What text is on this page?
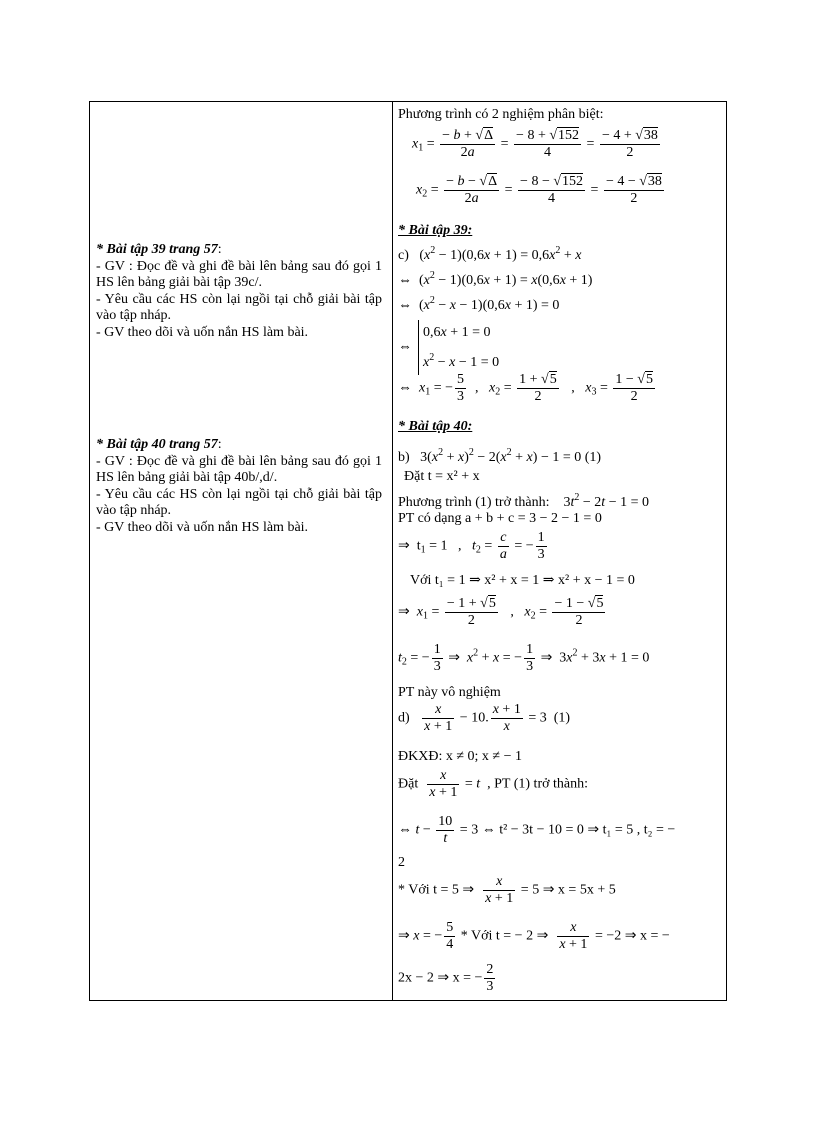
* Bài tập 39 trang 57:
- GV : Đọc đề và ghi đề bài lên bảng sau đó gọi 1 HS lên bảng giải bài tập 39c/.
- Yêu cầu các HS còn lại ngồi tại chỗ giải bài tập vào tập nháp.
- GV theo dõi và uốn nắn HS làm bài.
* Bài tập 40 trang 57:
- GV : Đọc đề và ghi đề bài lên bảng sau đó gọi 1 HS lên bảng giải bài tập 40b/,d/.
- Yêu cầu các HS còn lại ngồi tại chỗ giải bài tập vào tập nháp.
- GV theo dõi và uốn nắn HS làm bài.
Phương trình có 2 nghiệm phân biệt:
$x_1 = \frac{- b + √\Delta}{2a} = \frac{- 8 + √152}{4} = \frac{- 4 + √38}{2}$
$x_2 = \frac{- b - √\Delta}{2a} = \frac{- 8 - √152}{4} = \frac{- 4 - √38}{2}$
* Bài tập 39:
c)   $(x^2 - 1)(0,6x + 1) = 0,6x^2 + x$
⇔  $(x^2 - 1)(0,6x + 1) = x(0,6x + 1)$
⇔  $(x^2 - x - 1)(0,6x + 1) = 0$
⇔0,6x + 1 = 0
$x^2 - x - 1 = 0$
⇔  $x_1$ = − $\frac{5}{3}$ ,   $x_2 = \frac{1 + √5}{2}$ ,   $x_3 = \frac{1 - √5}{2}$
* Bài tập 40:
b)   $3(x^2 + x)^2 - 2(x^2 + x) - 1 = 0$ (1)
Đặt t = x² + x
Phương trình (1) trở thành: $3t^2 - 2t - 1 = 0$
PT có dạng a + b + c = 3 − 2 − 1 = 0
⇒  $t_1 = 1$   ,   $t_2 = \frac{c}{a}$ = − $\frac{1}{3}$
Với t₁ = 1 ⇒ x² + x = 1 ⇒ x² + x − 1 = 0
⇒  $x_1 = \frac{- 1 + √5}{2}$ ,   $x_2 = \frac{- 1 - √5}{2}$
$t_2$ = − $\frac{1}{3}$ ⇒  $x^2 + x$ = − $\frac{1}{3}$ ⇒  $3x^2 + 3x + 1 = 0$
PT này vô nghiệm
$d) \frac{x}{x + 1} - 10$. $\frac{x + 1}{x} = 3$  (1)
ĐKXĐ: x ≠ 0; x ≠ − 1
Đặt $\frac{x}{x + 1} = t$ , PT (1) trở thành:
⇔ $t - \frac{10}{t} = 3$ ⇔ t² − 3t − 10 = 0 ⇒ t₁ = 5 , t₂ = −
2
* Với t = 5 ⇒ $\frac{x}{x + 1} = 5$ ⇒ x = 5x + 5
⇒ x = − $\frac{5}{4}$ * Với t = − 2 ⇒ $\frac{x}{x + 1} = -2$ ⇒ x = −
2x − 2 ⇒ x = − $\frac{2}{3}$
